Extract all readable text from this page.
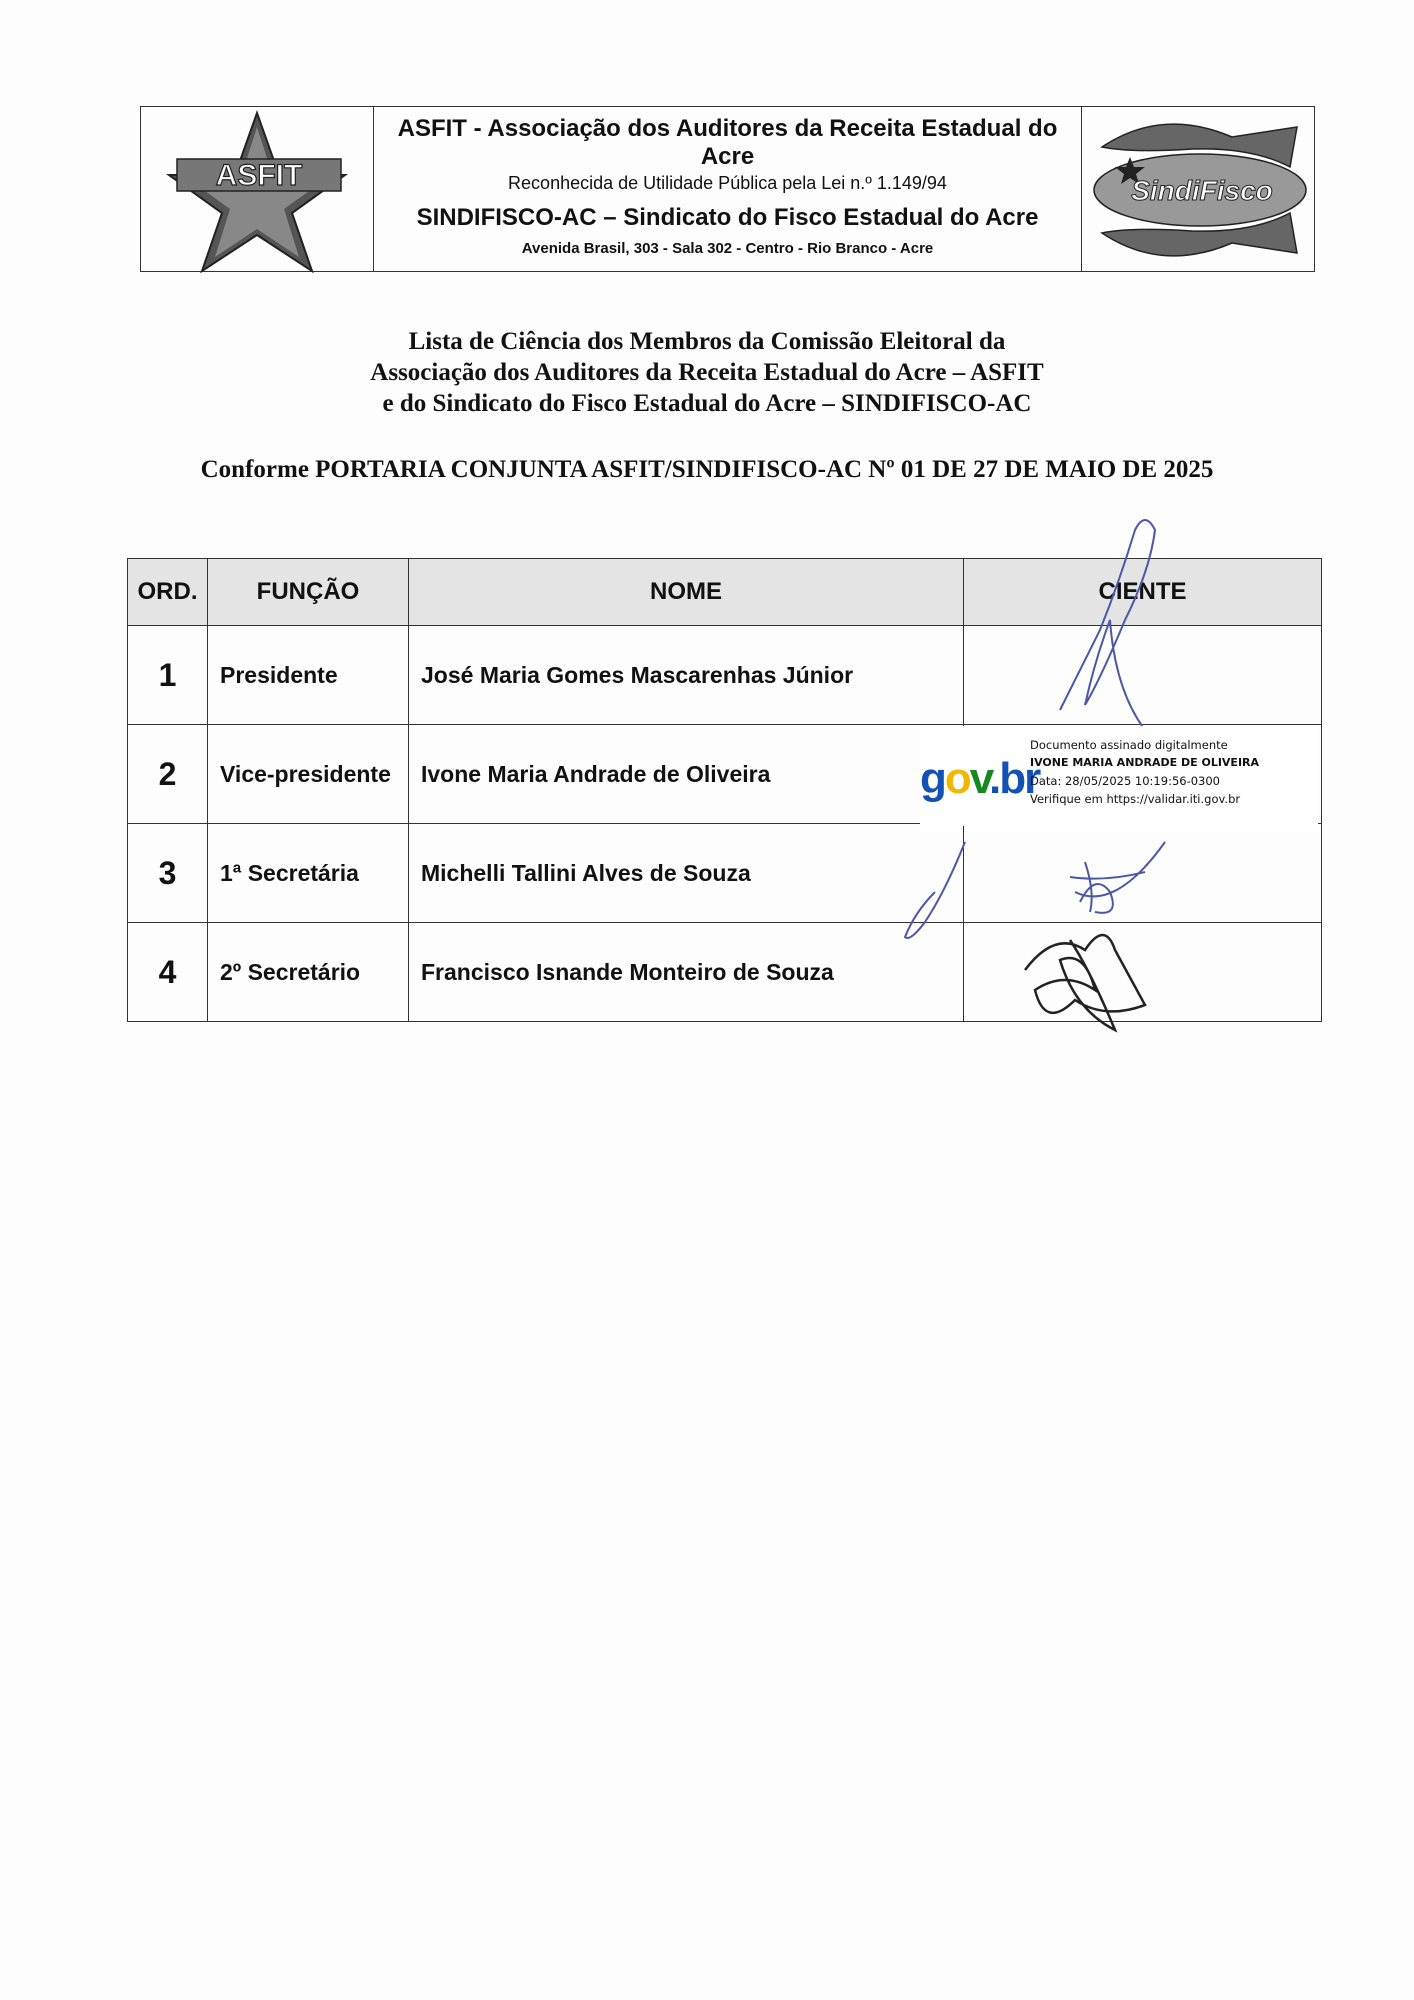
ASFIT

ASFIT - Associação dos Auditores da Receita Estadual do Acre

Reconhecida de Utilidade Pública pela Lei n.º 1.149/94

SINDIFISCO-AC – Sindicato do Fisco Estadual do Acre

Avenida Brasil, 303 - Sala 302 - Centro - Rio Branco - Acre

SindiFisco
Lista de Ciência dos Membros da Comissão Eleitoral da
Associação dos Auditores da Receita Estadual do Acre – ASFIT
e do Sindicato do Fisco Estadual do Acre – SINDIFISCO-AC
Conforme PORTARIA CONJUNTA ASFIT/SINDIFISCO-AC Nº 01 DE 27 DE MAIO DE 2025
ORD.	FUNÇÃO	NOME	CIENTE
1	Presidente	José Maria Gomes Mascarenhas Júnior	
2	Vice-presidente	Ivone Maria Andrade de Oliveira	
3	1ª Secretária	Michelli Tallini Alves de Souza	
4	2º Secretário	Francisco Isnande Monteiro de Souza	
gov.br
Documento assinado digitalmente
IVONE MARIA ANDRADE DE OLIVEIRA
Data: 28/05/2025 10:19:56-0300
Verifique em https://validar.iti.gov.br
